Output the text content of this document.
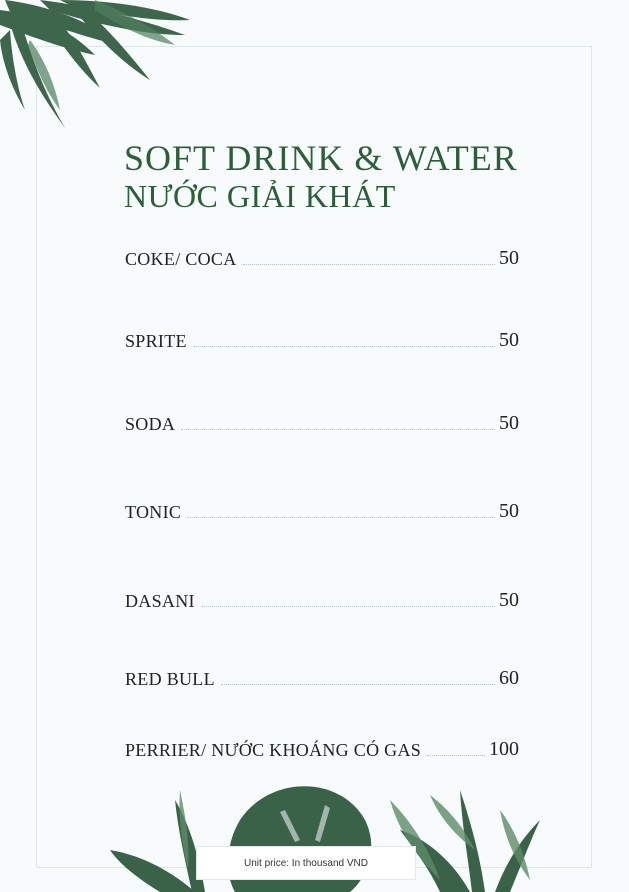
SOFT DRINK & WATER
NƯỚC GIẢI KHÁT
COKE/ COCA	50
SPRITE	50
SODA	50
TONIC	50
DASANI	50
RED BULL	60
PERRIER/ NƯỚC KHOÁNG CÓ GAS	100
Unit price: In thousand VND
